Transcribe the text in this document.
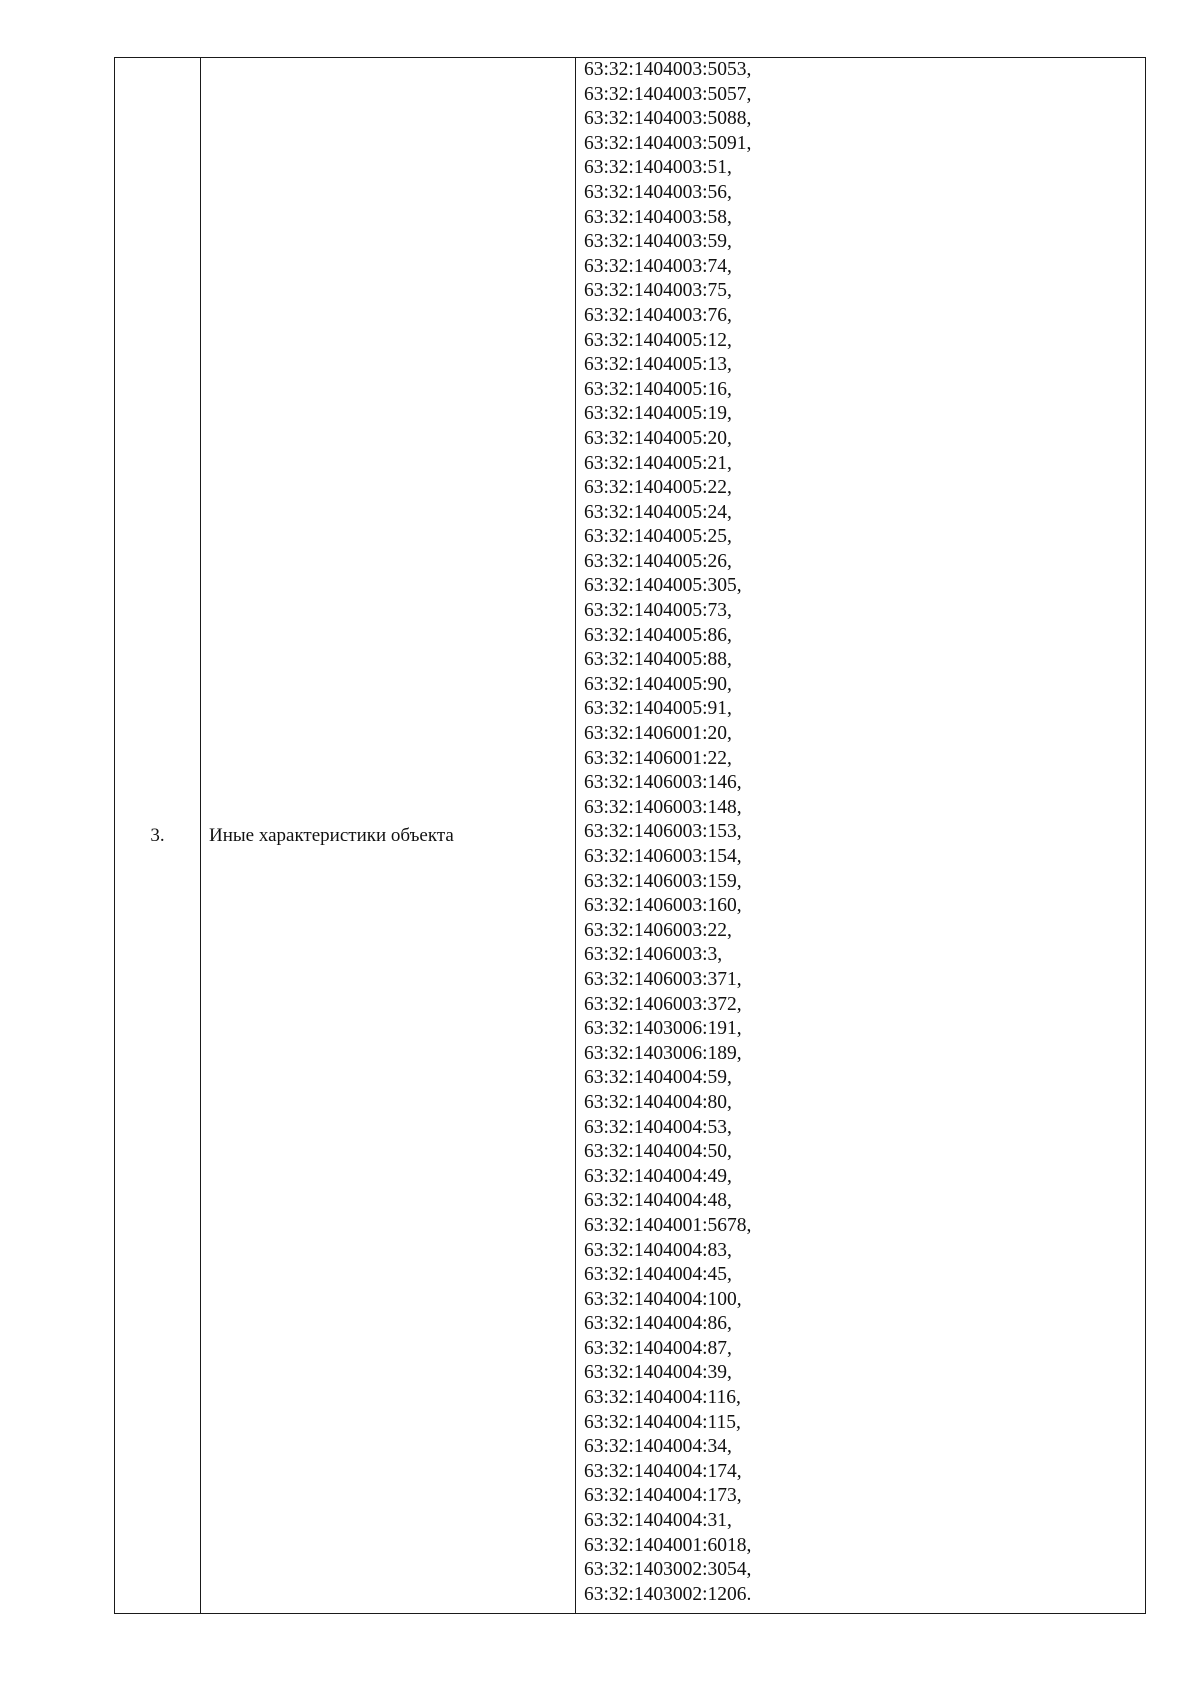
3.	Иные характеристики объекта	
63:32:1404003:5053,
63:32:1404003:5057,
63:32:1404003:5088,
63:32:1404003:5091,
63:32:1404003:51,
63:32:1404003:56,
63:32:1404003:58,
63:32:1404003:59,
63:32:1404003:74,
63:32:1404003:75,
63:32:1404003:76,
63:32:1404005:12,
63:32:1404005:13,
63:32:1404005:16,
63:32:1404005:19,
63:32:1404005:20,
63:32:1404005:21,
63:32:1404005:22,
63:32:1404005:24,
63:32:1404005:25,
63:32:1404005:26,
63:32:1404005:305,
63:32:1404005:73,
63:32:1404005:86,
63:32:1404005:88,
63:32:1404005:90,
63:32:1404005:91,
63:32:1406001:20,
63:32:1406001:22,
63:32:1406003:146,
63:32:1406003:148,
63:32:1406003:153,
63:32:1406003:154,
63:32:1406003:159,
63:32:1406003:160,
63:32:1406003:22,
63:32:1406003:3,
63:32:1406003:371,
63:32:1406003:372,
63:32:1403006:191,
63:32:1403006:189,
63:32:1404004:59,
63:32:1404004:80,
63:32:1404004:53,
63:32:1404004:50,
63:32:1404004:49,
63:32:1404004:48,
63:32:1404001:5678,
63:32:1404004:83,
63:32:1404004:45,
63:32:1404004:100,
63:32:1404004:86,
63:32:1404004:87,
63:32:1404004:39,
63:32:1404004:116,
63:32:1404004:115,
63:32:1404004:34,
63:32:1404004:174,
63:32:1404004:173,
63:32:1404004:31,
63:32:1404001:6018,
63:32:1403002:3054,
63:32:1403002:1206.
